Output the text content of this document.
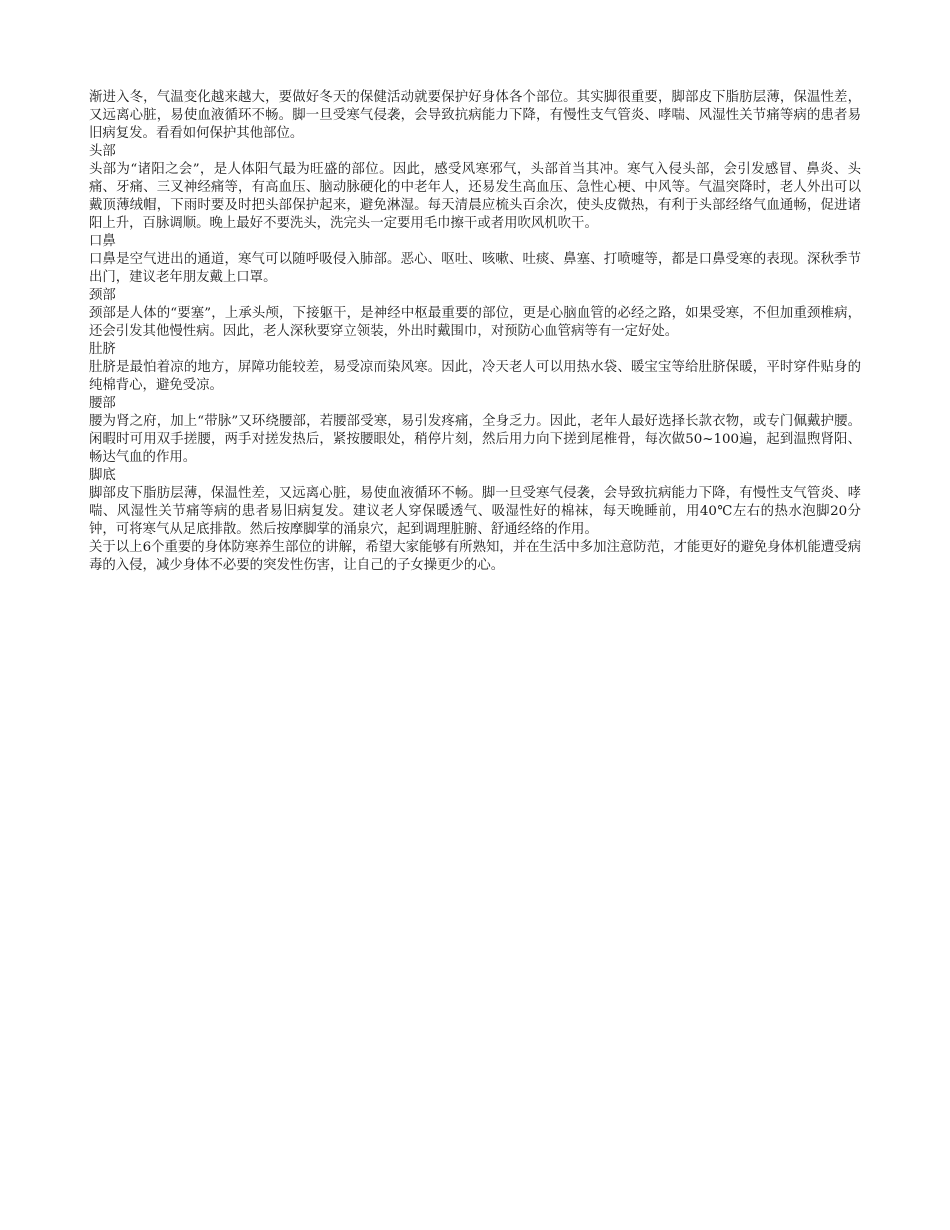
渐进入冬，气温变化越来越大，要做好冬天的保健活动就要保护好身体各个部位。其实脚很重要，脚部皮下脂肪层薄，保温性差，又远离心脏，易使血液循环不畅。脚一旦受寒气侵袭，会导致抗病能力下降，有慢性支气管炎、哮喘、风湿性关节痛等病的患者易旧病复发。看看如何保护其他部位。

头部

头部为“诸阳之会”，是人体阳气最为旺盛的部位。因此，感受风寒邪气，头部首当其冲。寒气入侵头部，会引发感冒、鼻炎、头痛、牙痛、三叉神经痛等，有高血压、脑动脉硬化的中老年人，还易发生高血压、急性心梗、中风等。气温突降时，老人外出可以戴顶薄绒帽，下雨时要及时把头部保护起来，避免淋湿。每天清晨应梳头百余次，使头皮微热，有利于头部经络气血通畅，促进诸阳上升，百脉调顺。晚上最好不要洗头，洗完头一定要用毛巾擦干或者用吹风机吹干。

口鼻

口鼻是空气进出的通道，寒气可以随呼吸侵入肺部。恶心、呕吐、咳嗽、吐痰、鼻塞、打喷嚏等，都是口鼻受寒的表现。深秋季节出门，建议老年朋友戴上口罩。

颈部

颈部是人体的“要塞”，上承头颅，下接躯干，是神经中枢最重要的部位，更是心脑血管的必经之路，如果受寒，不但加重颈椎病，还会引发其他慢性病。因此，老人深秋要穿立领装，外出时戴围巾，对预防心血管病等有一定好处。

肚脐

肚脐是最怕着凉的地方，屏障功能较差，易受凉而染风寒。因此，冷天老人可以用热水袋、暖宝宝等给肚脐保暖，平时穿件贴身的纯棉背心，避免受凉。

腰部

腰为肾之府，加上“带脉”又环绕腰部，若腰部受寒，易引发疼痛，全身乏力。因此，老年人最好选择长款衣物，或专门佩戴护腰。闲暇时可用双手搓腰，两手对搓发热后，紧按腰眼处，稍停片刻，然后用力向下搓到尾椎骨，每次做50~100遍，起到温煦肾阳、畅达气血的作用。

脚底

脚部皮下脂肪层薄，保温性差，又远离心脏，易使血液循环不畅。脚一旦受寒气侵袭，会导致抗病能力下降，有慢性支气管炎、哮喘、风湿性关节痛等病的患者易旧病复发。建议老人穿保暖透气、吸湿性好的棉袜，每天晚睡前，用40℃左右的热水泡脚20分钟，可将寒气从足底排散。然后按摩脚掌的涌泉穴，起到调理脏腑、舒通经络的作用。

关于以上6个重要的身体防寒养生部位的讲解，希望大家能够有所熟知，并在生活中多加注意防范，才能更好的避免身体机能遭受病毒的入侵，减少身体不必要的突发性伤害，让自己的子女操更少的心。
